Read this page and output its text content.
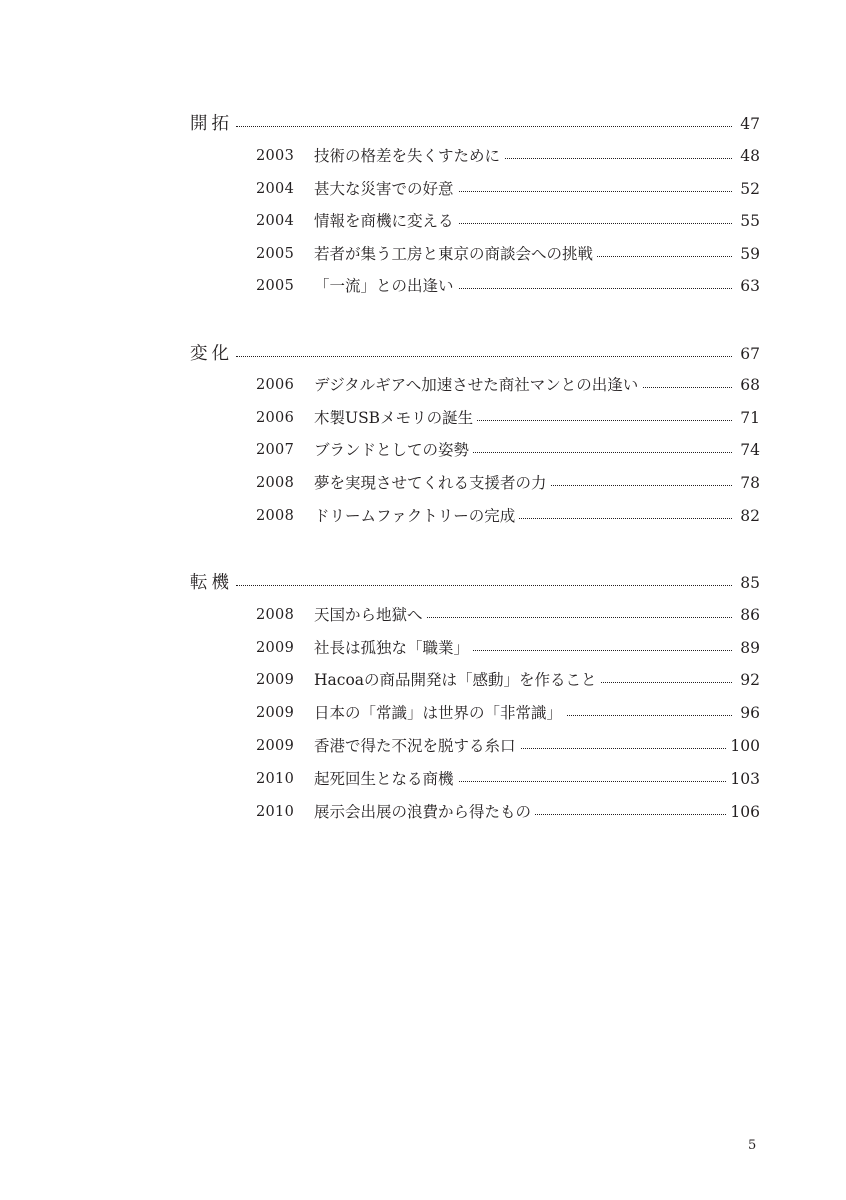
開拓	47
2003 技術の格差を失くすために	48
2004 甚大な災害での好意	52
2004 情報を商機に変える	55
2005 若者が集う工房と東京の商談会への挑戦	59
2005 「一流」との出逢い	63
変化	67
2006 デジタルギアへ加速させた商社マンとの出逢い	68
2006 木製USBメモリの誕生	71
2007 ブランドとしての姿勢	74
2008 夢を実現させてくれる支援者の力	78
2008 ドリームファクトリーの完成	82
転機	85
2008 天国から地獄へ	86
2009 社長は孤独な「職業」	89
2009 Hacoaの商品開発は「感動」を作ること	92
2009 日本の「常識」は世界の「非常識」	96
2009 香港で得た不況を脱する糸口	100
2010 起死回生となる商機	103
2010 展示会出展の浪費から得たもの	106
5
